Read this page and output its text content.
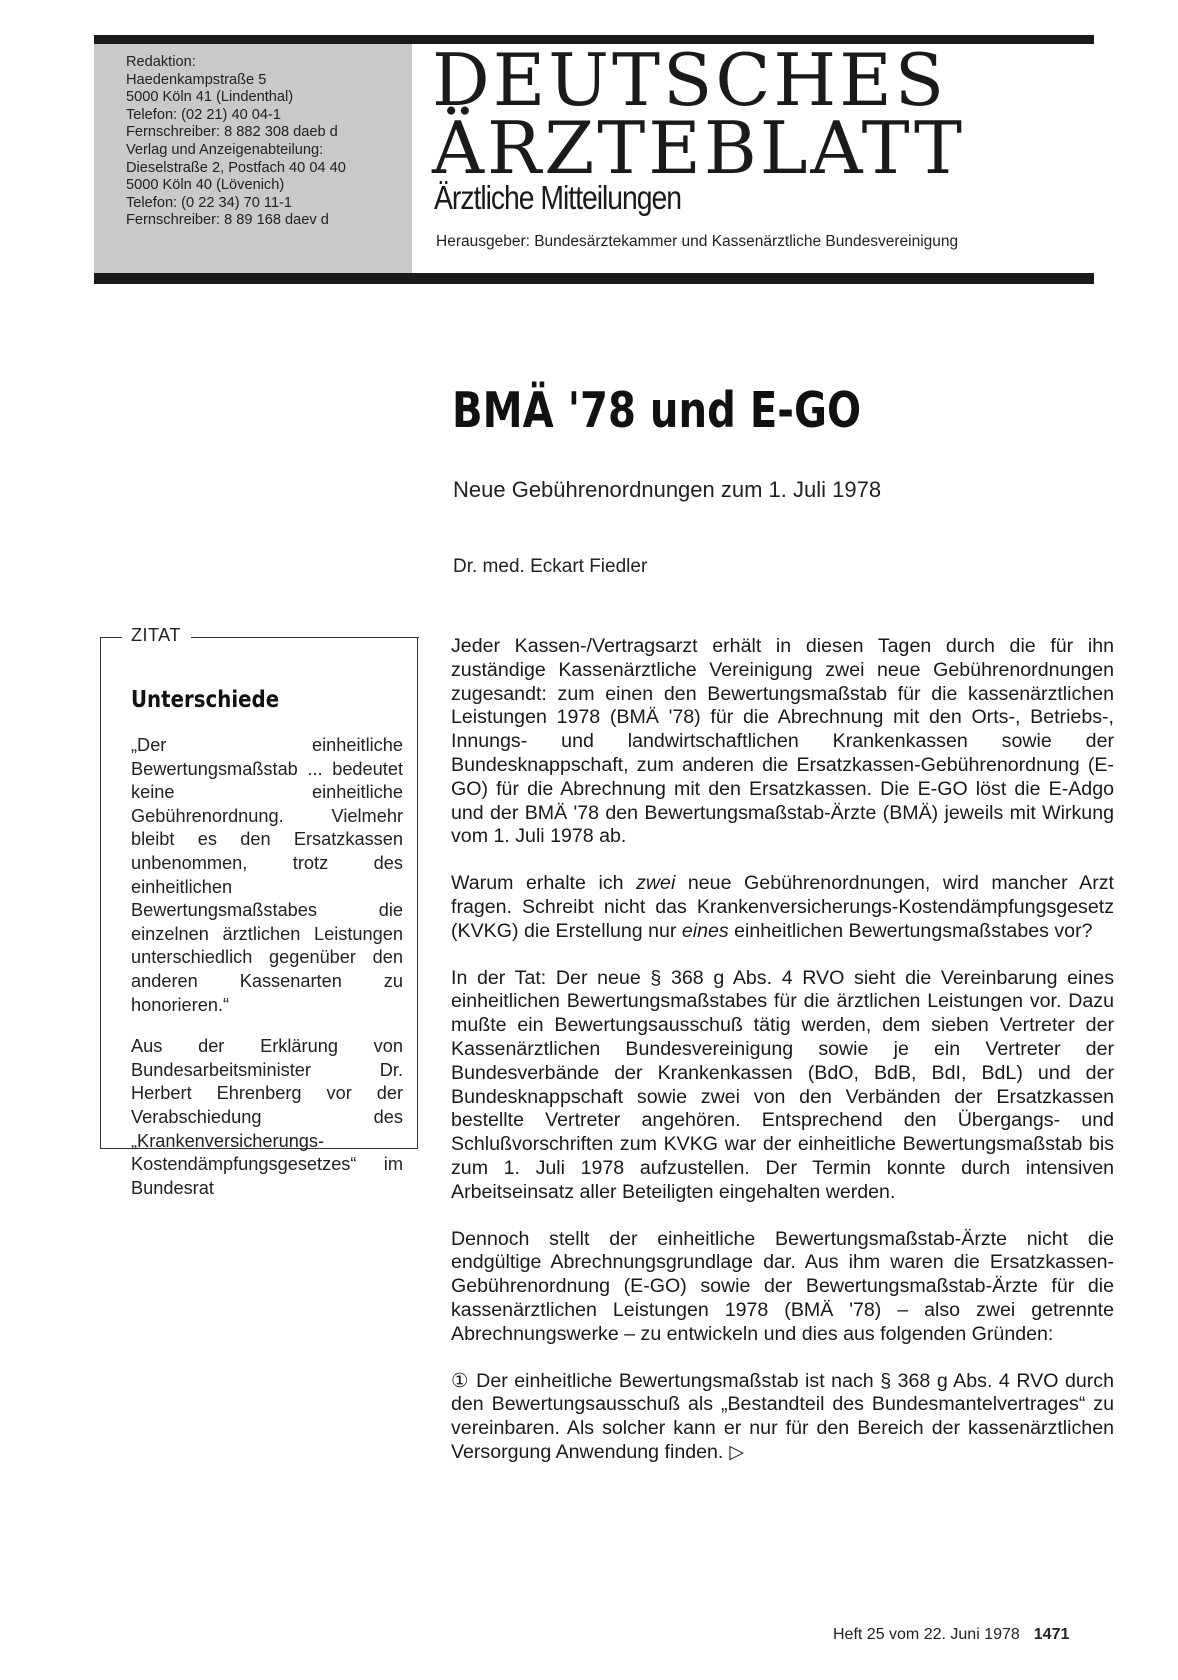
Redaktion:
Haedenkampstraße 5
5000 Köln 41 (Lindenthal)
Telefon: (02 21) 40 04-1
Fernschreiber: 8 882 308 daeb d
Verlag und Anzeigenabteilung:
Dieselstraße 2, Postfach 40 04 40
5000 Köln 40 (Lövenich)
Telefon: (0 22 34) 70 11-1
Fernschreiber: 8 89 168 daev d
DEUTSCHES
ÄRZTEBLATT
Ärztliche Mitteilungen
Herausgeber: Bundesärztekammer und Kassenärztliche Bundesvereinigung
BMÄ '78 und E-GO
Neue Gebührenordnungen zum 1. Juli 1978
Dr. med. Eckart Fiedler
ZITAT
Unterschiede

„Der einheitliche Bewertungsmaßstab ... bedeutet keine einheitliche Gebührenordnung. Vielmehr bleibt es den Ersatzkassen unbenommen, trotz des einheitlichen Bewertungsmaßstabes die einzelnen ärztlichen Leistungen unterschiedlich gegenüber den anderen Kassenarten zu honorieren.“

Aus der Erklärung von Bundesarbeitsminister Dr. Herbert Ehrenberg vor der Verabschiedung des „Krankenversicherungs-Kostendämpfungsgesetzes“ im Bundesrat

Jeder Kassen-/Vertragsarzt erhält in diesen Tagen durch die für ihn zuständige Kassenärztliche Vereinigung zwei neue Gebührenordnungen zugesandt: zum einen den Bewertungsmaßstab für die kassenärztlichen Leistungen 1978 (BMÄ '78) für die Abrechnung mit den Orts-, Betriebs-, Innungs- und landwirtschaftlichen Krankenkassen sowie der Bundesknappschaft, zum anderen die Ersatzkassen-Gebührenordnung (E-GO) für die Abrechnung mit den Ersatzkassen. Die E-GO löst die E-Adgo und der BMÄ '78 den Bewertungsmaßstab-Ärzte (BMÄ) jeweils mit Wirkung vom 1. Juli 1978 ab.

Warum erhalte ich zwei neue Gebührenordnungen, wird mancher Arzt fragen. Schreibt nicht das Krankenversicherungs-Kostendämpfungsgesetz (KVKG) die Erstellung nur eines einheitlichen Bewertungsmaßstabes vor?

In der Tat: Der neue § 368 g Abs. 4 RVO sieht die Vereinbarung eines einheitlichen Bewertungsmaßstabes für die ärztlichen Leistungen vor. Dazu mußte ein Bewertungsausschuß tätig werden, dem sieben Vertreter der Kassenärztlichen Bundesvereinigung sowie je ein Vertreter der Bundesverbände der Krankenkassen (BdO, BdB, BdI, BdL) und der Bundesknappschaft sowie zwei von den Verbänden der Ersatzkassen bestellte Vertreter angehören. Entsprechend den Übergangs- und Schlußvorschriften zum KVKG war der einheitliche Bewertungsmaßstab bis zum 1. Juli 1978 aufzustellen. Der Termin konnte durch intensiven Arbeitseinsatz aller Beteiligten eingehalten werden.

Dennoch stellt der einheitliche Bewertungsmaßstab-Ärzte nicht die endgültige Abrechnungsgrundlage dar. Aus ihm waren die Ersatzkassen-Gebührenordnung (E-GO) sowie der Bewertungsmaßstab-Ärzte für die kassenärztlichen Leistungen 1978 (BMÄ '78) – also zwei getrennte Abrechnungswerke – zu entwickeln und dies aus folgenden Gründen:

① Der einheitliche Bewertungsmaßstab ist nach § 368 g Abs. 4 RVO durch den Bewertungsausschuß als „Bestandteil des Bundesmantelvertrages“ zu vereinbaren. Als solcher kann er nur für den Bereich der kassenärztlichen Versorgung Anwendung finden. ▷

Heft 25 vom 22. Juni 1978 1471
